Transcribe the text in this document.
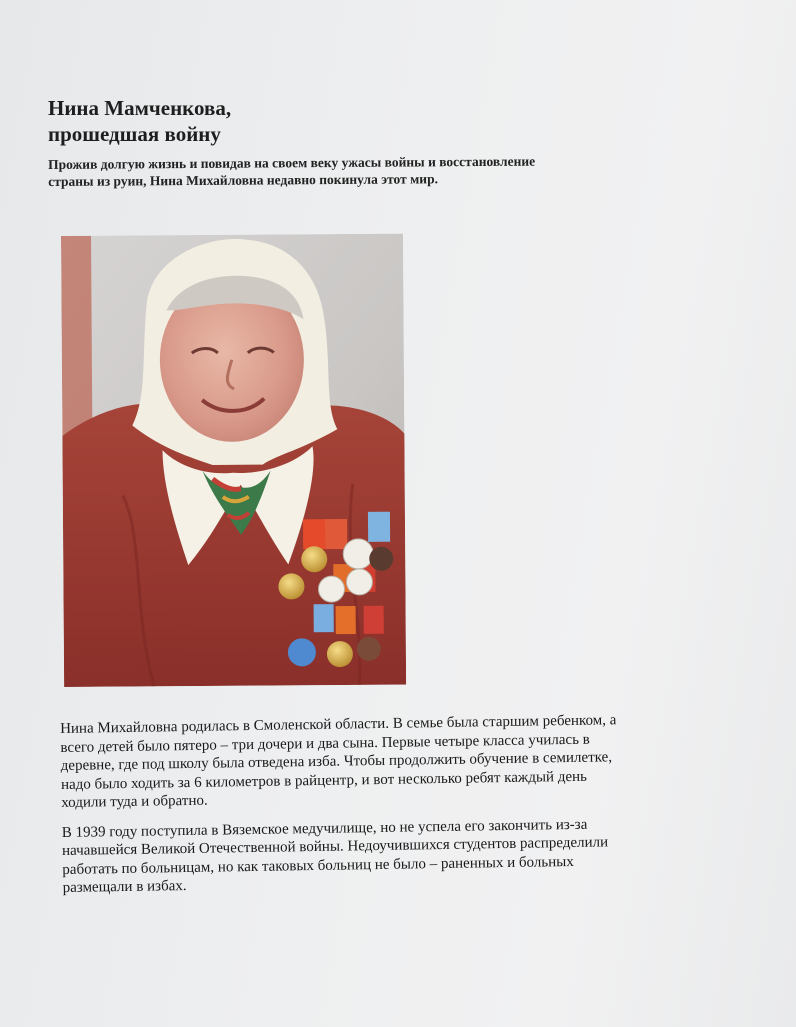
Нина Мамченкова,
прошедшая войну
Прожив долгую жизнь и повидав на своем веку ужасы войны и восстановление
страны из руин, Нина Михайловна недавно покинула этот мир.

Нина Михайловна родилась в Смоленской области. В семье была старшим ребенком, а
всего детей было пятеро – три дочери и два сына. Первые четыре класса училась в
деревне, где под школу была отведена изба. Чтобы продолжить обучение в семилетке,
надо было ходить за 6 километров в райцентр, и вот несколько ребят каждый день
ходили туда и обратно.

В 1939 году поступила в Вяземское медучилище, но не успела его закончить из-за
начавшейся Великой Отечественной войны. Недоучившихся студентов распределили
работать по больницам, но как таковых больниц не было – раненных и больных
размещали в избах.
